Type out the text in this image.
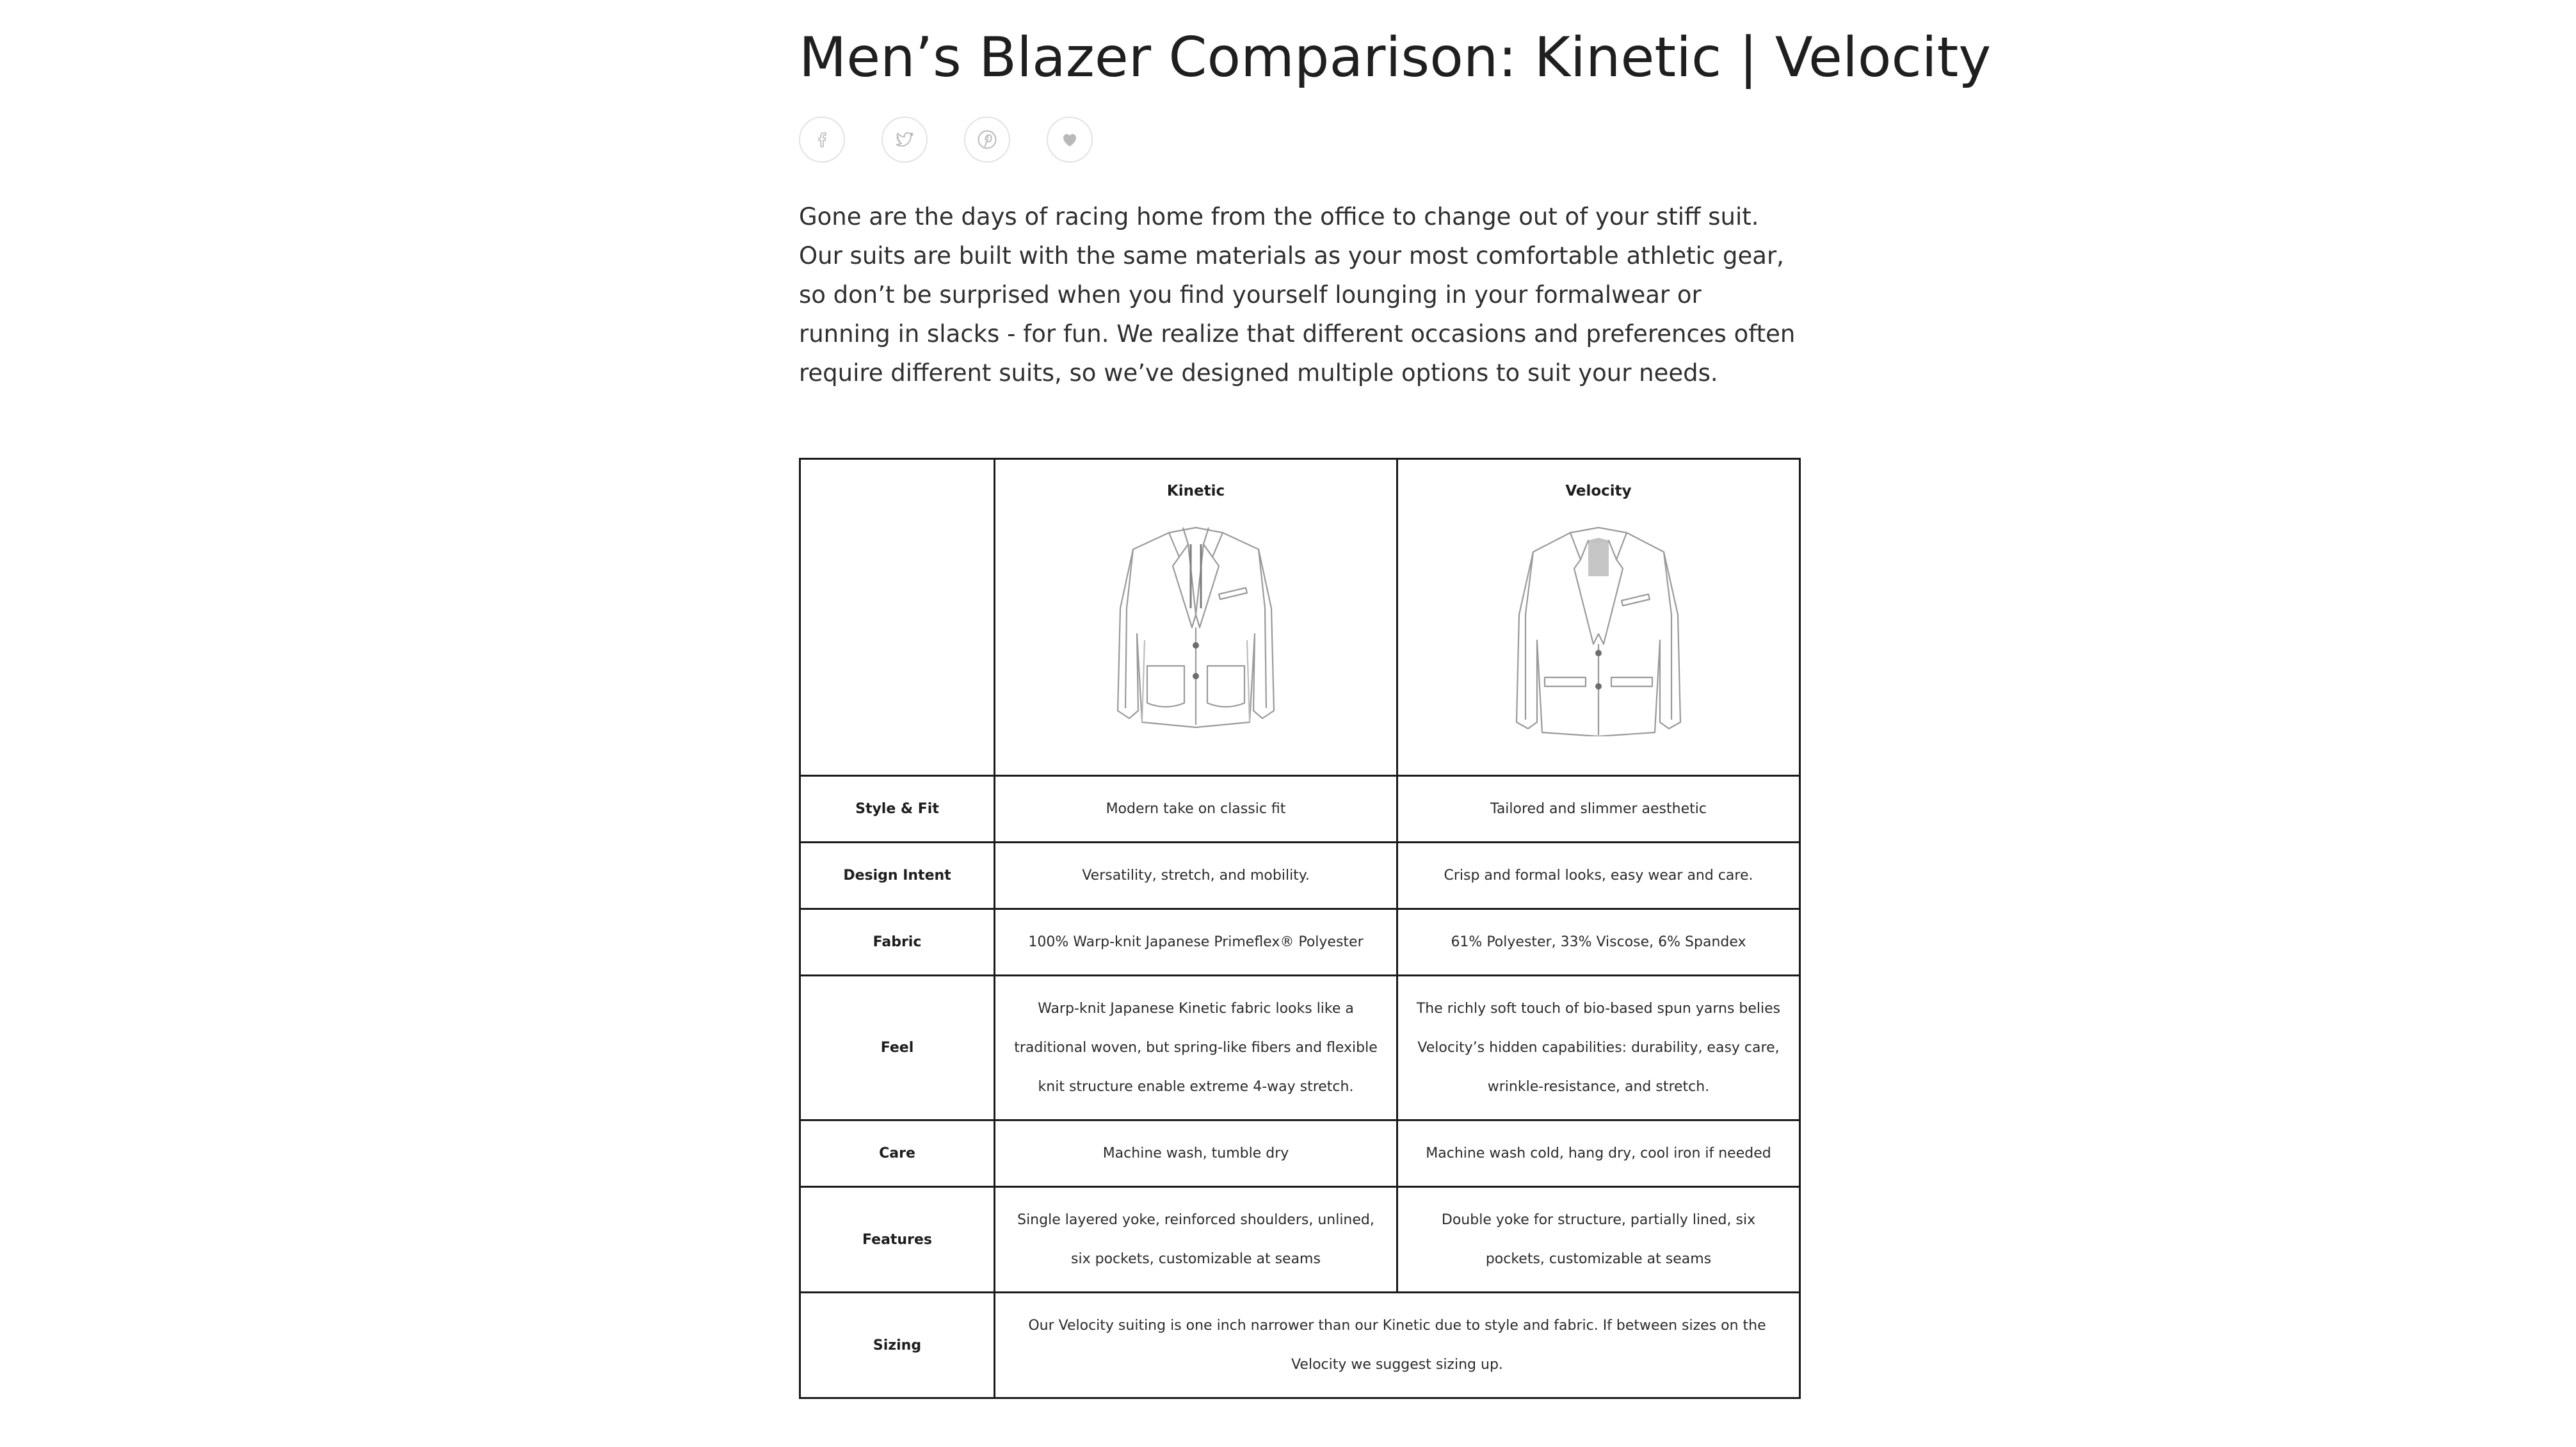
Men’s Blazer Comparison: Kinetic | Velocity

Gone are the days of racing home from the office to change out of your stiff suit. Our suits are built with the same materials as your most comfortable athletic gear, so don’t be surprised when you find yourself lounging in your formalwear or running in slacks - for fun. We realize that different occasions and preferences often require different suits, so we’ve designed multiple options to suit your needs.

	Kinetic	Velocity

Style & Fit	Modern take on classic fit	Tailored and slimmer aesthetic
Design Intent	Versatility, stretch, and mobility.	Crisp and formal looks, easy wear and care.
Fabric	100% Warp-knit Japanese Primeflex® Polyester	61% Polyester, 33% Viscose, 6% Spandex
Feel	Warp-knit Japanese Kinetic fabric looks like a traditional woven, but spring-like fibers and flexible knit structure enable extreme 4-way stretch.	The richly soft touch of bio-based spun yarns belies Velocity’s hidden capabilities: durability, easy care, wrinkle-resistance, and stretch.
Care	Machine wash, tumble dry	Machine wash cold, hang dry, cool iron if needed
Features	Single layered yoke, reinforced shoulders, unlined, six pockets, customizable at seams	Double yoke for structure, partially lined, six pockets, customizable at seams
Sizing	Our Velocity suiting is one inch narrower than our Kinetic due to style and fabric. If between sizes on the Velocity we suggest sizing up.	
